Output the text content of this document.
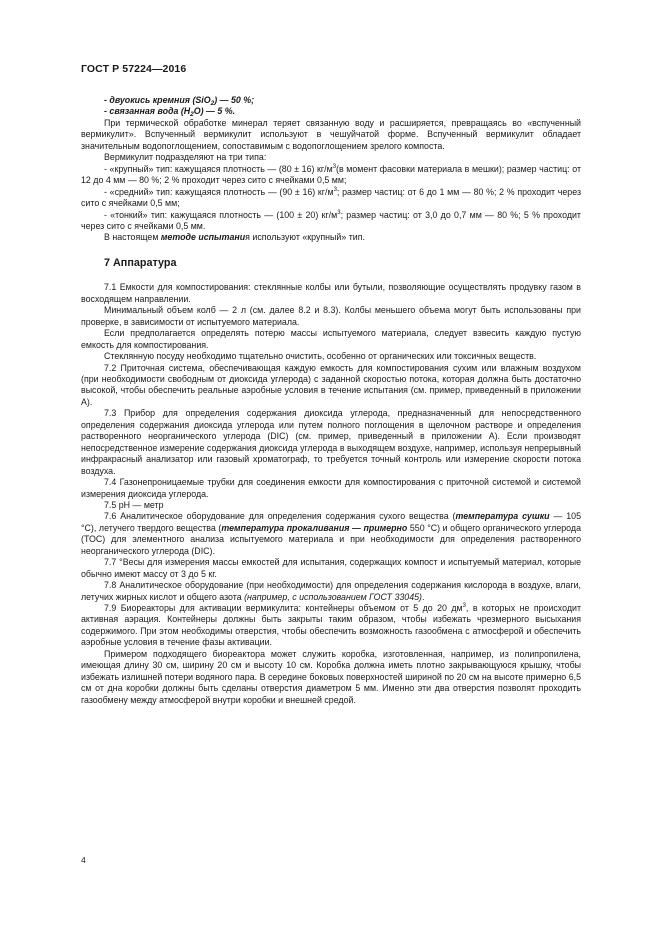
ГОСТ Р 57224—2016

- двуокись кремния (SiO$_2$) — 50 %;

- связанная вода $(H_2O)$ — 5 %.

При термической обработке минерал теряет связанную воду и расширяется, превращаясь во «вспученный вермикулит». Вспученный вермикулит используют в чешуйчатой форме. Вспученный вермикулит обладает значительным водопоглощением, сопоставимым с водопоглощением зрелого компоста.

Вермикулит подразделяют на три типа:

- «крупный» тип: кажущаяся плотность — (80 ± 16) $кг/м^3(в$ момент фасовки материала в мешки); размер частиц: от 12 до 4 мм — 80 %; 2 % проходит через сито с ячейками 0,5 мм;

- «средний» тип: кажущаяся плотность — (90 ± 16) $кг/м^3$; размер частиц: от 6 до 1 мм — 80 %; 2 % проходит через сито с ячейками 0,5 мм;

- «тонкий» тип: кажущаяся плотность — (100 ± 20) $кг/м^3$; размер частиц: от 3,0 до 0,7 мм — 80 %; 5 % проходит через сито с ячейками 0,5 мм.

В настоящем методе испытания используют «крупный» тип.

7 Аппаратура

7.1 Емкости для компостирования: стеклянные колбы или бутыли, позволяющие осуществлять продувку газом в восходящем направлении.

Минимальный объем колб — 2 л (см. далее 8.2 и 8.3). Колбы меньшего объема могут быть использованы при проверке, в зависимости от испытуемого материала.

Если предполагается определять потерю массы испытуемого материала, следует взвесить каждую пустую емкость для компостирования.

Стеклянную посуду необходимо тщательно очистить, особенно от органических или токсичных веществ.

7.2 Приточная система, обеспечивающая каждую емкость для компостирования сухим или влажным воздухом (при необходимости свободным от диоксида углерода) с заданной скоростью потока, которая должна быть достаточно высокой, чтобы обеспечить реальные аэробные условия в течение испытания (см. пример, приведенный в приложении А).

7.3 Прибор для определения содержания диоксида углерода, предназначенный для непосредственного определения содержания диоксида углерода или путем полного поглощения в щелочном растворе и определения растворенного неорганического углерода (DIC) (см. пример, приведенный в приложении А). Если производят непосредственное измерение содержания диоксида углерода в выходящем воздухе, например, используя непрерывный инфракрасный анализатор или газовый хроматограф, то требуется точный контроль или измерение скорости потока воздуха.

7.4 Газонепроницаемые трубки для соединения емкости для компостирования с приточной системой и системой измерения диоксида углерода.

7.5 pH — метр

7.6 Аналитическое оборудование для определения содержания сухого вещества (температура сушки — 105 °С), летучего твердого вещества (температура прокаливания — примерно 550 °С) и общего органического углерода (ТОС) для элементного анализа испытуемого материала и при необходимости для определения растворенного неорганического углерода (DIC).

7.7 °Весы для измерения массы емкостей для испытания, содержащих компост и испытуемый материал, которые обычно имеют массу от 3 до 5 кг.

7.8 Аналитическое оборудование (при необходимости) для определения содержания кислорода в воздухе, влаги, летучих жирных кислот и общего азота (например, с использованием ГОСТ 33045).

7.9 Биореакторы для активации вермикулита: контейнеры объемом от 5 до 20 $дм^3$, в которых не происходит активная аэрация. Контейнеры должны быть закрыты таким образом, чтобы избежать чрезмерного высыхания содержимого. При этом необходимы отверстия, чтобы обеспечить возможность газообмена с атмосферой и обеспечить аэробные условия в течение фазы активации.

Примером подходящего биореактора может служить коробка, изготовленная, например, из полипропилена, имеющая длину 30 см, ширину 20 см и высоту 10 см. Коробка должна иметь плотно закрывающуюся крышку, чтобы избежать излишней потери водяного пара. В середине боковых поверхностей шириной по 20 см на высоте примерно 6,5 см от дна коробки должны быть сделаны отверстия диаметром 5 мм. Именно эти два отверстия позволят проходить газообмену между атмосферой внутри коробки и внешней средой.

4
